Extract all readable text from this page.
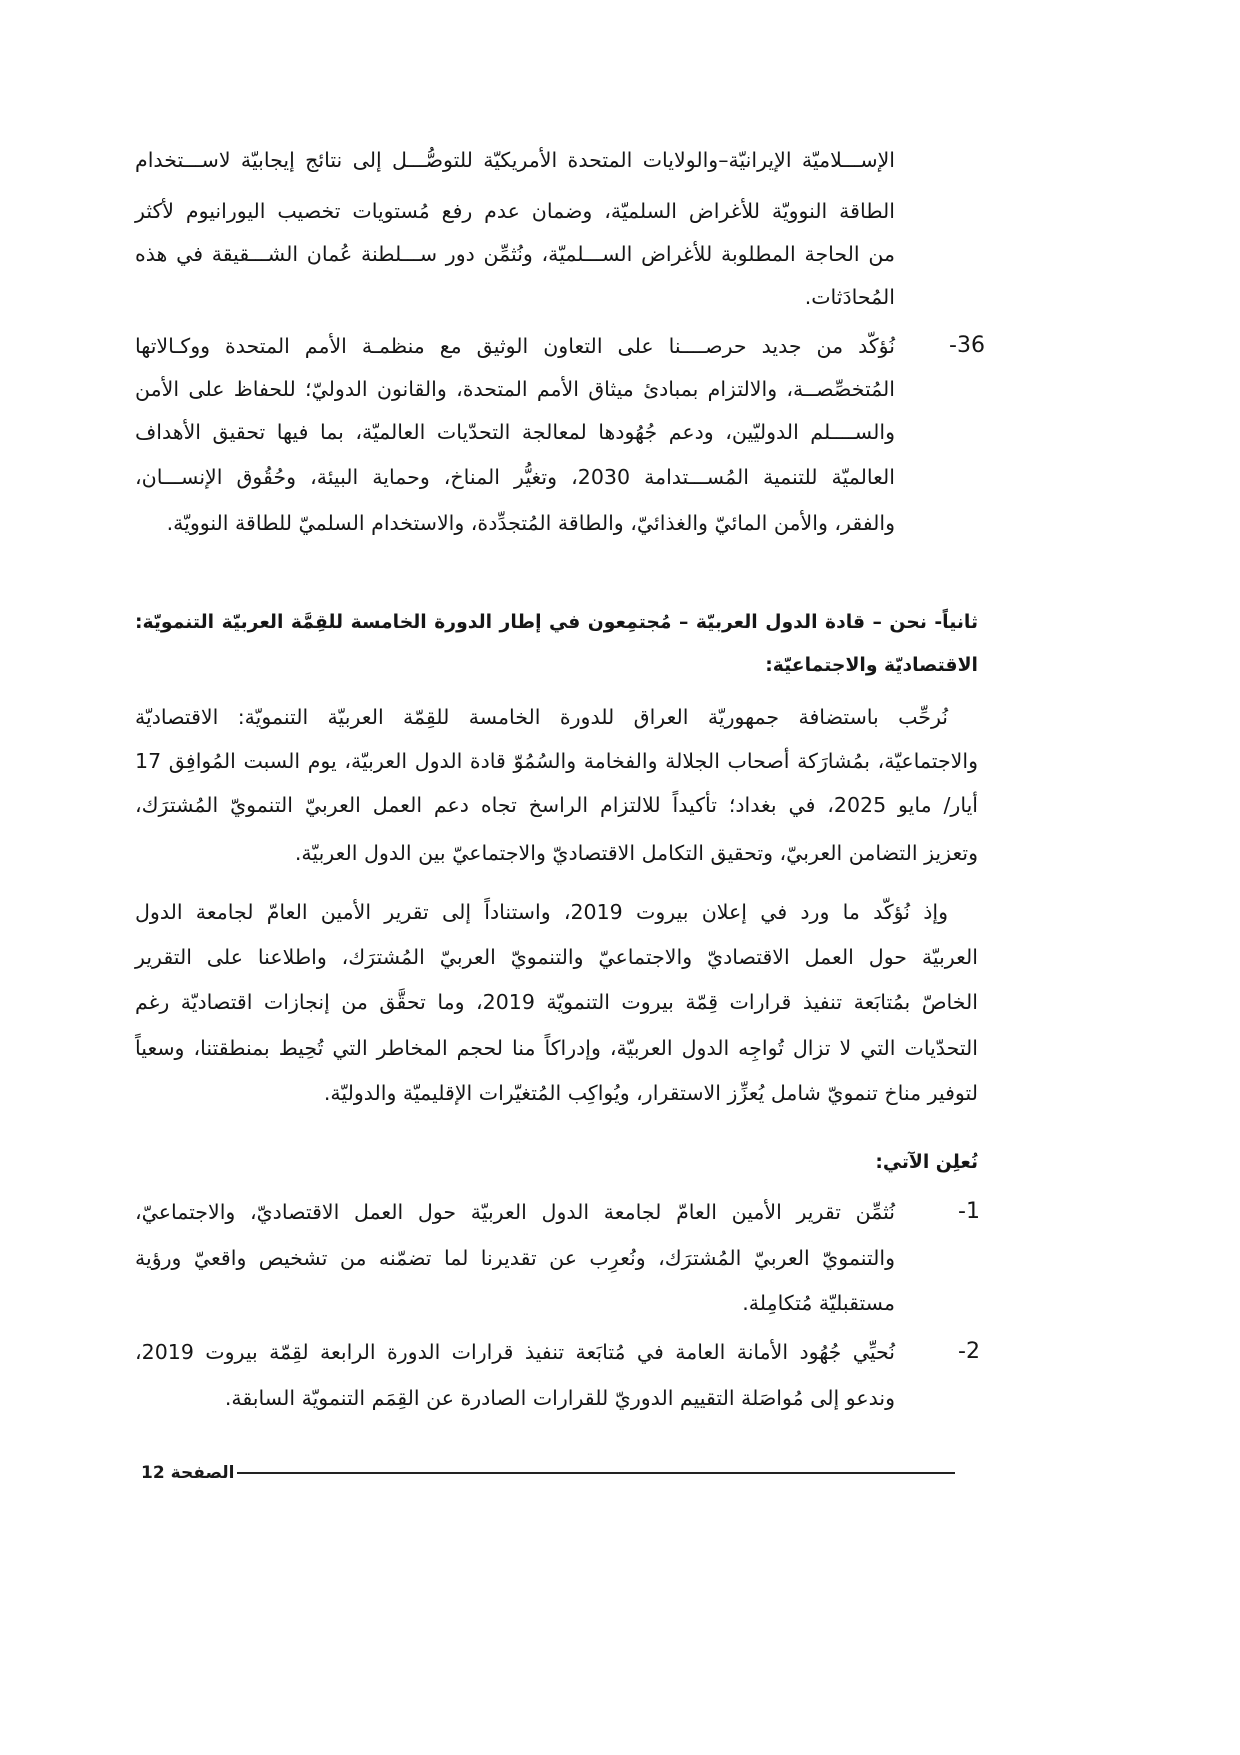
الإســـلاميّة الإيرانيّة–والولايات المتحدة الأمريكيّة للتوصُّـــل إلى نتائج إيجابيّة لاســـتخدام
الطاقة النوويّة للأغراض السلميّة، وضمان عدم رفع مُستويات تخصيب اليورانيوم لأكثر
من الحاجة المطلوبة للأغراض الســـلميّة، ونُثمِّن دور ســـلطنة عُمان الشـــقيقة في هذه
المُحادَثات.
36-
نُؤكّد من جديد حرصــــنا على التعاون الوثيق مع منظمـة الأمم المتحدة ووكـالاتها
المُتخصِّصــة، والالتزام بمبادئ ميثاق الأمم المتحدة، والقانون الدوليّ؛ للحفاظ على الأمن
والســــلم الدوليّين، ودعم جُهُودها لمعالجة التحدّيات العالميّة، بما فيها تحقيق الأهداف
العالميّة للتنمية المُســـتدامة 2030، وتغيُّر المناخ، وحماية البيئة، وحُقُوق الإنســـان،
والفقر، والأمن المائيّ والغذائيّ، والطاقة المُتجدِّدة، والاستخدام السلميّ للطاقة النوويّة.
ثانياً- نحن – قادة الدول العربيّة – مُجتمِعون في إطار الدورة الخامسة للقِمَّة العربيّة التنمويّة:
الاقتصاديّة والاجتماعيّة:
نُرحِّب باستضافة جمهوريّة العراق للدورة الخامسة للقِمّة العربيّة التنمويّة: الاقتصاديّة
والاجتماعيّة، بمُشارَكة أصحاب الجلالة والفخامة والسُمُوّ قادة الدول العربيّة، يوم السبت المُوافِق 17
أيار/ مايو 2025، في بغداد؛ تأكيداً للالتزام الراسخ تجاه دعم العمل العربيّ التنمويّ المُشترَك،
وتعزيز التضامن العربيّ، وتحقيق التكامل الاقتصاديّ والاجتماعيّ بين الدول العربيّة.
وإذ نُؤكّد ما ورد في إعلان بيروت 2019، واستناداً إلى تقرير الأمين العامّ لجامعة الدول
العربيّة حول العمل الاقتصاديّ والاجتماعيّ والتنمويّ العربيّ المُشترَك، واطلاعنا على التقرير
الخاصّ بمُتابَعة تنفيذ قرارات قِمّة بيروت التنمويّة 2019، وما تحقَّق من إنجازات اقتصاديّة رغم
التحدّيات التي لا تزال تُواجِه الدول العربيّة، وإدراكاً منا لحجم المخاطر التي تُحِيط بمنطقتنا، وسعياً
لتوفير مناخ تنمويّ شامل يُعزِّز الاستقرار، ويُواكِب المُتغيّرات الإقليميّة والدوليّة.
نُعلِن الآتي:
1-
نُثمِّن تقرير الأمين العامّ لجامعة الدول العربيّة حول العمل الاقتصاديّ، والاجتماعيّ،
والتنمويّ العربيّ المُشترَك، ونُعرِب عن تقديرنا لما تضمّنه من تشخيص واقعيّ ورؤية
مستقبليّة مُتكامِلة.
2-
نُحيِّي جُهُود الأمانة العامة في مُتابَعة تنفيذ قرارات الدورة الرابعة لقِمّة بيروت 2019،
وندعو إلى مُواصَلة التقييم الدوريّ للقرارات الصادرة عن القِمَم التنمويّة السابقة.
الصفحة12
